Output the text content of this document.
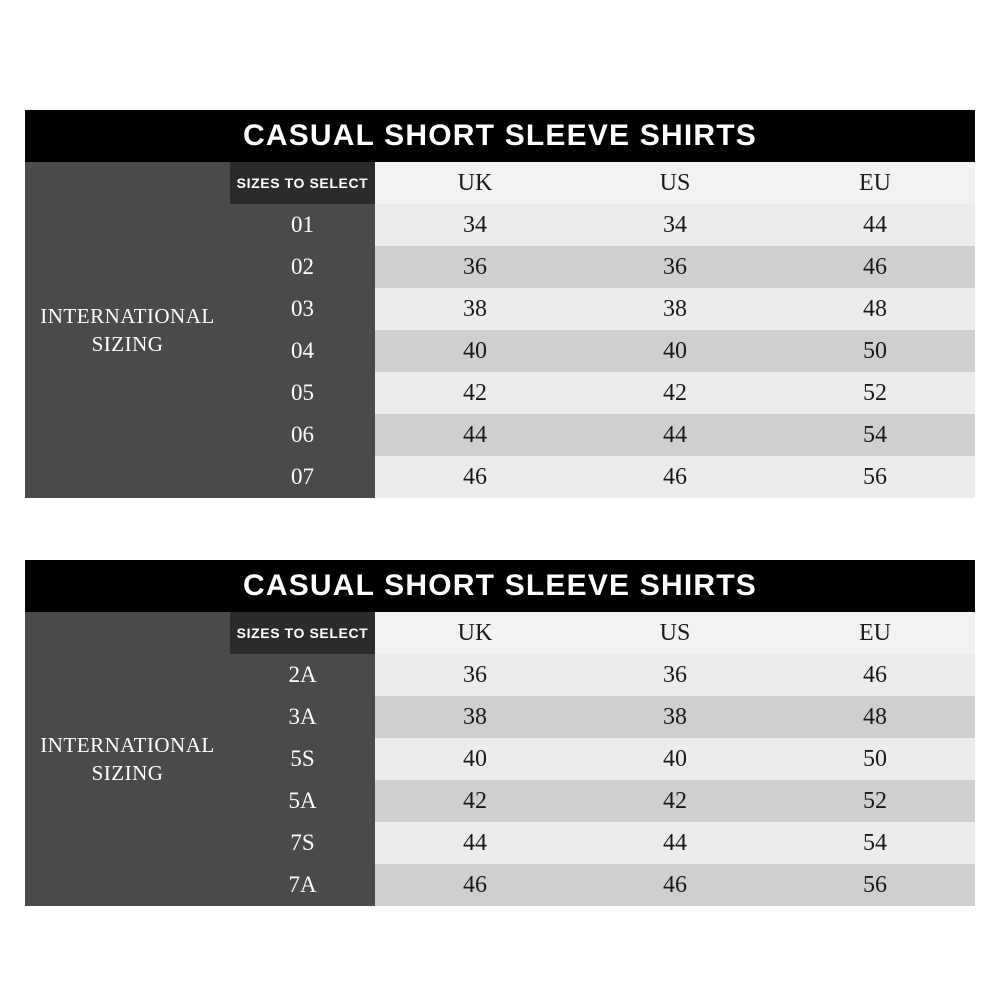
CASUAL SHORT SLEEVE SHIRTS
INTERNATIONAL SIZING
SIZES TO SELECT	UK	US	EU
01	34	34	44
02	36	36	46
03	38	38	48
04	40	40	50
05	42	42	52
06	44	44	54
07	46	46	56
CASUAL SHORT SLEEVE SHIRTS
INTERNATIONAL SIZING
SIZES TO SELECT	UK	US	EU
2A	36	36	46
3A	38	38	48
5S	40	40	50
5A	42	42	52
7S	44	44	54
7A	46	46	56
